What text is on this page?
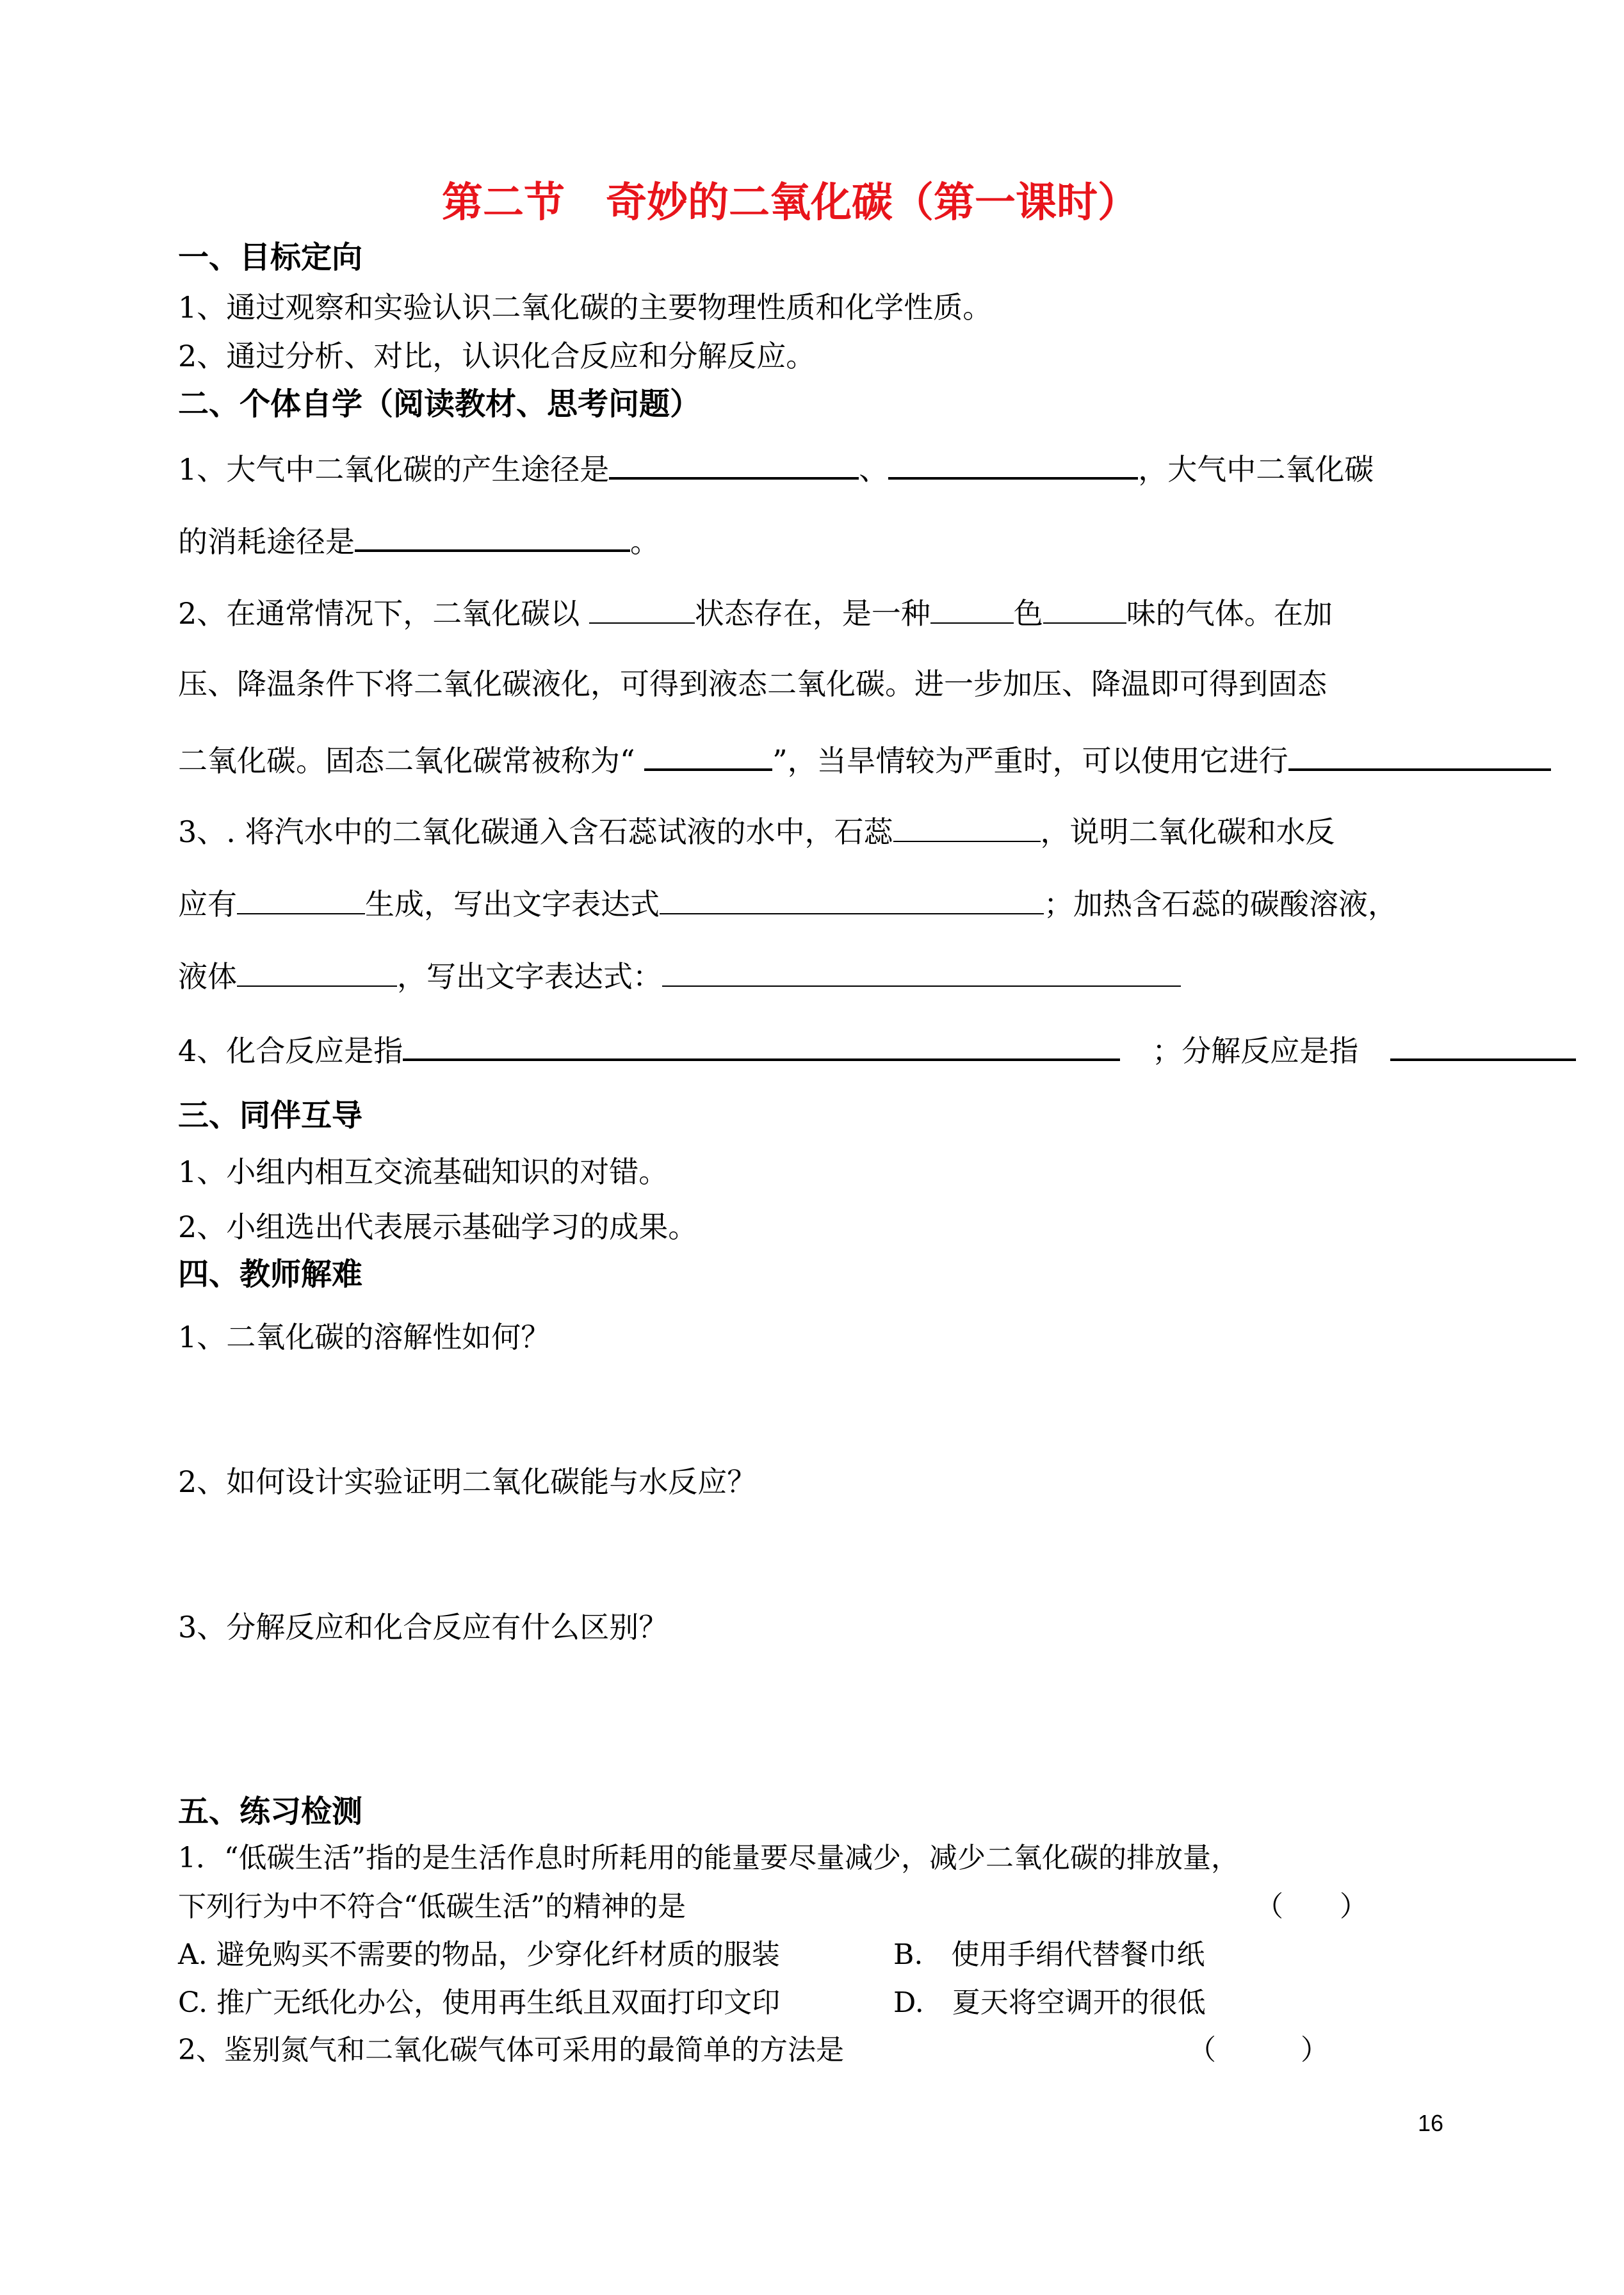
第二节　奇妙的二氧化碳（第一课时）
一、目标定向
1、通过观察和实验认识二氧化碳的主要物理性质和化学性质。
2、通过分析、对比，认识化合反应和分解反应。
二、个体自学（阅读教材、思考问题）
1、大气中二氧化碳的产生途径是	、	，大气中二氧化碳
的消耗途径是	。
2、在通常情况下，二氧化碳以	状态存在，是一种	色	味的气体。在加
压、降温条件下将二氧化碳液化，可得到液态二氧化碳。进一步加压、降温即可得到固态
二氧化碳。固态二氧化碳常被称为“	”，当旱情较为严重时，可以使用它进行
3、. 将汽水中的二氧化碳通入含石蕊试液的水中，石蕊	，说明二氧化碳和水反
应有	生成，写出文字表达式	；加热含石蕊的碳酸溶液，
液体	，写出文字表达式：
4、化合反应是指	；分解反应是指
三、同伴互导
1、小组内相互交流基础知识的对错。
2、小组选出代表展示基础学习的成果。
四、教师解难
1、二氧化碳的溶解性如何？
2、如何设计实验证明二氧化碳能与水反应？
3、分解反应和化合反应有什么区别？
五、练习检测
1．“低碳生活”指的是生活作息时所耗用的能量要尽量减少，减少二氧化碳的排放量，
下列行为中不符合“低碳生活”的精神的是	（　　）
A. 避免购买不需要的物品，少穿化纤材质的服装	B.　使用手绢代替餐巾纸
C. 推广无纸化办公，使用再生纸且双面打印文印	D.　夏天将空调开的很低
2、鉴别氮气和二氧化碳气体可采用的最简单的方法是	（　　　）
16
